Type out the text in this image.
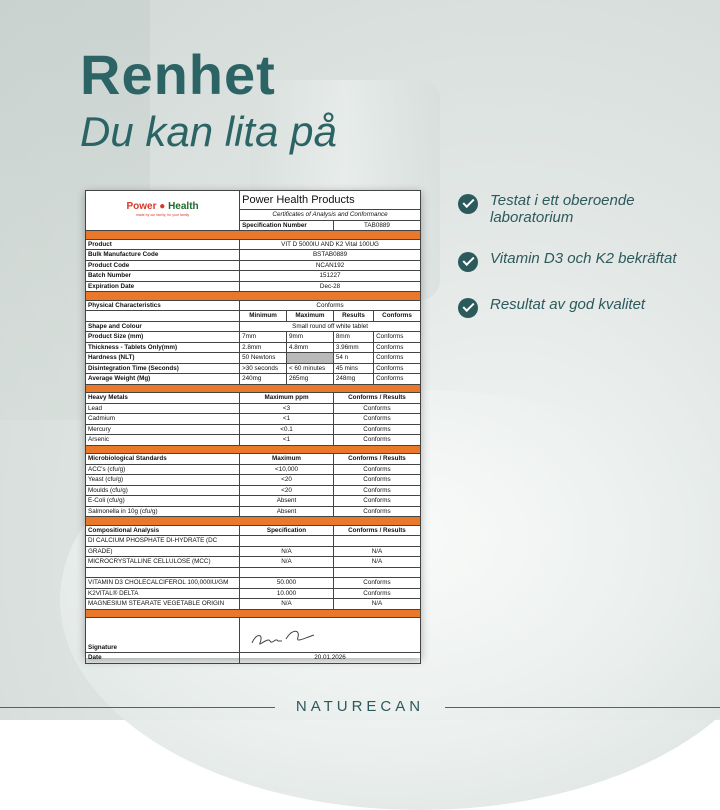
Renhet
Du kan lita på
Power ● Health
made by our family, for your family	Power Health Products			
	Certificates of Analysis and Conformance			
	Specification Number		TAB0889	

Product	VIT D 5000IU AND K2 Vital 100UG			
Bulk Manufacture Code	BSTAB0889			
Product Code	NCAN192			
Batch Number	151227			
Expiration Date	Dec-28			

Physical Characteristics	Conforms			
	Minimum	Maximum	Results	Conforms
Shape and Colour	Small round off white tablet			
Product Size (mm)	7mm	9mm	8mm	Conforms
Thickness - Tablets Only(mm)	2.8mm	4.8mm	3.96mm	Conforms
Hardness (NLT)	50 Newtons		54 n	Conforms
Disintegration Time (Seconds)	>30 seconds	< 60 minutes	45 mins	Conforms
Average Weight (Mg)	240mg	265mg	248mg	Conforms

Heavy Metals	Maximum ppm		Conforms / Results	
Lead	<3		Conforms	
Cadmium	<1		Conforms	
Mercury	<0.1		Conforms	
Arsenic	<1		Conforms	

Microbiological Standards	Maximum		Conforms / Results	
ACC's (cfu/g)	<10,000		Conforms	
Yeast (cfu/g)	<20		Conforms	
Moulds (cfu/g)	<20		Conforms	
E-Coli (cfu/g)	Absent		Conforms	
Salmonella in 10g (cfu/g)	Absent		Conforms	

Compositional Analysis	Specification		Conforms / Results	
DI CALCIUM PHOSPHATE DI-HYDRATE (DC				
GRADE)	N/A		N/A	
MICROCRYSTALLINE CELLULOSE (MCC)	N/A		N/A	

VITAMIN D3 CHOLECALCIFEROL 100,000IU/GM	50.000		Conforms	
K2VITAL® DELTA	10.000		Conforms	
MAGNESIUM STEARATE VEGETABLE ORIGIN	N/A		N/A	

Signature	
Date	20.01.2026			
Testat i ett oberoende laboratorium
Vitamin D3 och K2 bekräftat
Resultat av god kvalitet
NATURECAN
